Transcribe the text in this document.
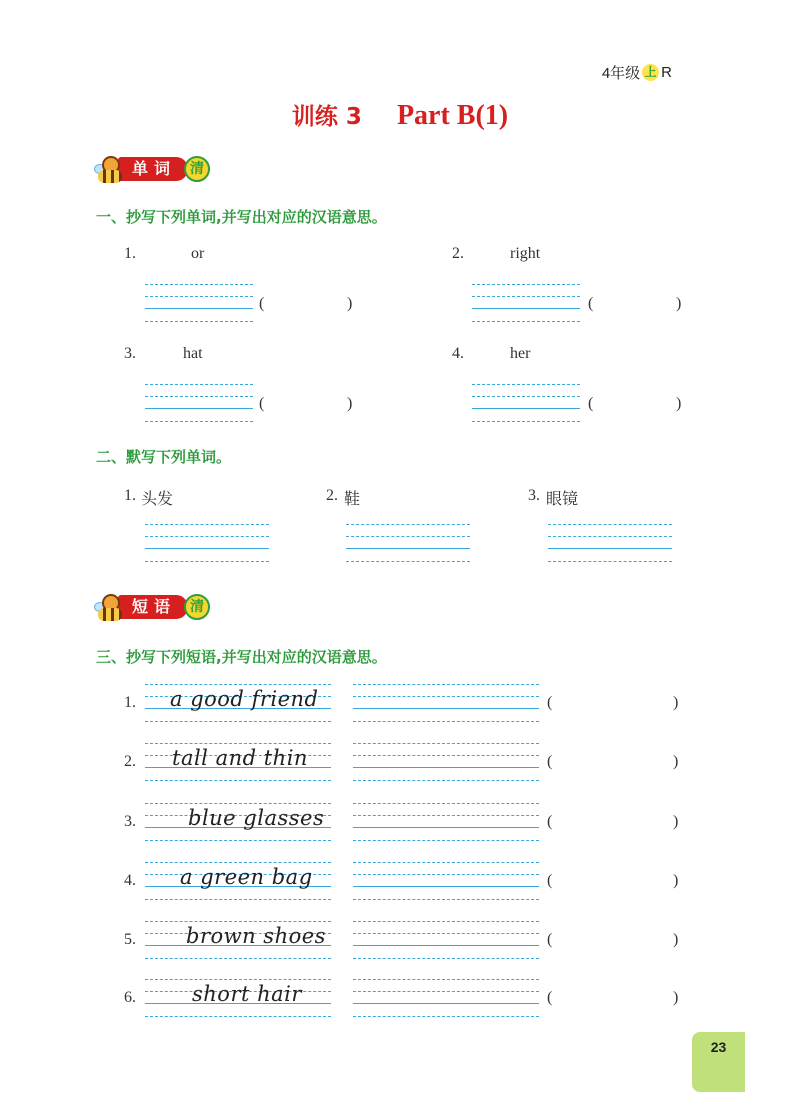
4年级 上 R
训练 3 Part B(1)
单词	清
一、抄写下列单词,并写出对应的汉语意思。
1.	or
(	)
2.	right
(	)
3.	hat
(	)
4.	her
(	)
二、默写下列单词。
1. 头发	2. 鞋	3. 眼镜
短语	清
三、抄写下列短语,并写出对应的汉语意思。
1. a good friend	(	)
2. tall and thin	(	)
3. blue glasses	(	)
4. a green bag	(	)
5. brown shoes	(	)
6.	short hair	(	)
23
